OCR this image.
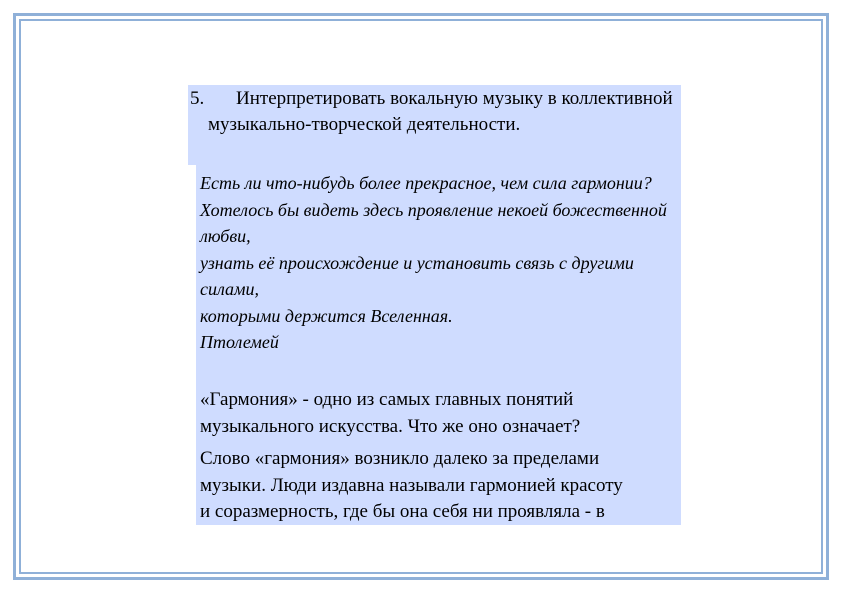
5.	Интерпретировать вокальную музыку в коллективной музыкально-творческой деятельности.
Есть ли что-нибудь более прекрасное, чем сила гармонии?
Хотелось бы видеть здесь проявление некоей божественной любви,
узнать её происхождение и установить связь с другими силами,
которыми держится Вселенная.
Птолемей
«Гармония» - одно из самых главных понятий музыкального искусства. Что же оно означает?
Слово «гармония» возникло далеко за пределами
музыки. Люди издавна называли гармонией красоту
и соразмерность, где бы она себя ни проявляла - в
